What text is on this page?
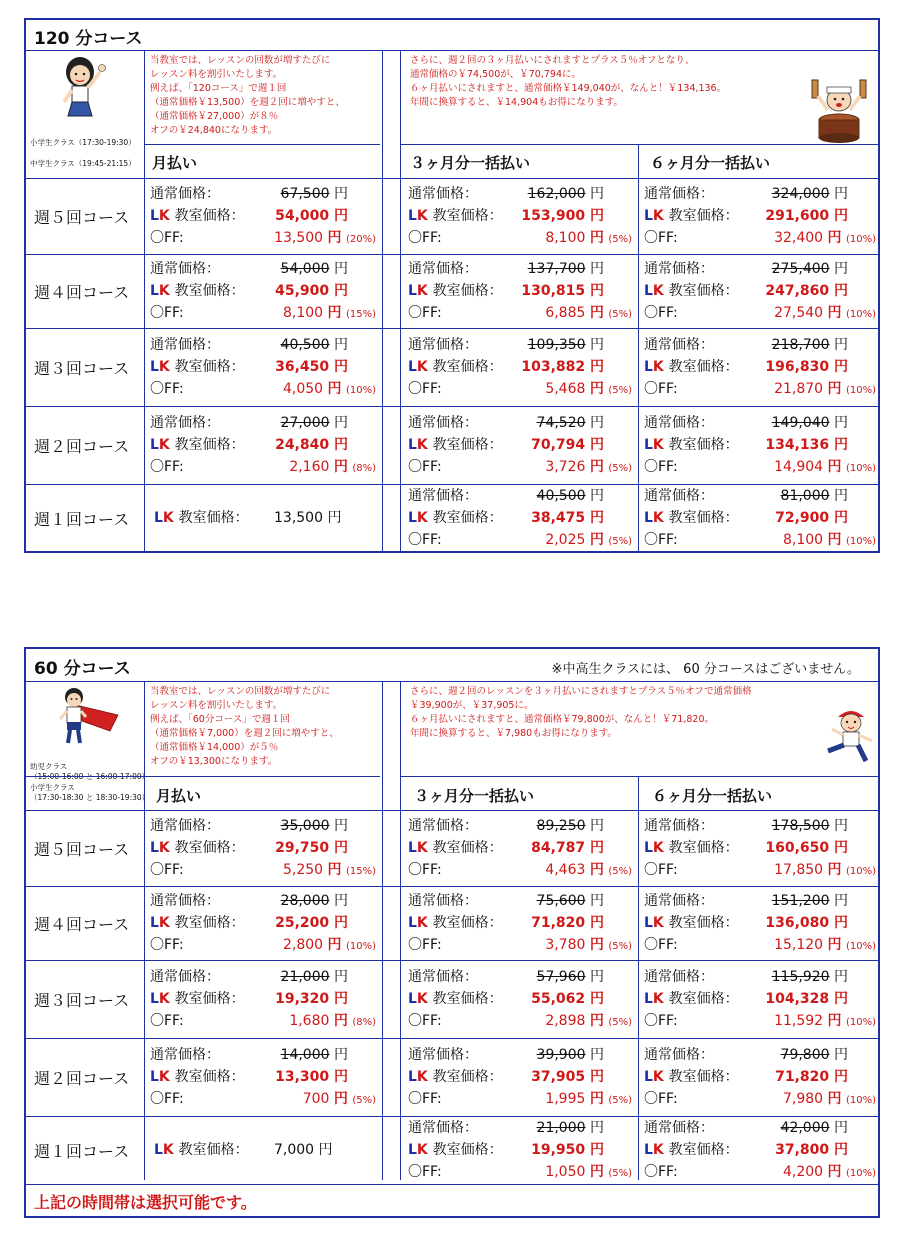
120 分コース
当教室では、レッスンの回数が増すたびに
レッスン料を割引いたします。
例えば、「120コース」で週１回
（通常価格￥13,500）を週２回に増やすと、
（通常価格￥27,000）が８％
オフの￥24,840になります。
さらに、週２回の３ヶ月払いにされますとプラス５％オフとなり、
通常価格の￥74,500が、￥70,794に。
６ヶ月払いにされますと、通常価格￥149,040が、なんと！￥134,136。
年間に換算すると、￥14,904もお得になります。
小学生クラス（17:30-19:30）
中学生クラス（19:45-21:15） 月払い	３ヶ月分一括払い	６ヶ月分一括払い
週５回コース
通常価格：	67,500 円
LK 教室価格： 54,000 円
〇FF:	13,500 円 (20%)
通常価格：	162,000 円
LK 教室価格： 153,900 円
〇FF:	8,100 円 (5%)
通常価格：	324,000 円
LK 教室価格： 291,600 円
〇FF:	32,400 円 (10%)
週４回コース
通常価格：	54,000 円
LK 教室価格： 45,900 円
〇FF:	8,100 円 (15%)
通常価格：	137,700 円
LK 教室価格： 130,815 円
〇FF:	6,885 円 (5%)
通常価格：	275,400 円
LK 教室価格： 247,860 円
〇FF:	27,540 円 (10%)
週３回コース
通常価格：	40,500 円
LK 教室価格： 36,450 円
〇FF:	4,050 円 (10%)
通常価格：	109,350 円
LK 教室価格： 103,882 円
〇FF:	5,468 円 (5%)
通常価格：	218,700 円
LK 教室価格： 196,830 円
〇FF:	21,870 円 (10%)
週２回コース
通常価格：	27,000 円
LK 教室価格： 24,840 円
〇FF:	2,160 円 (8%)
通常価格：	74,520 円
LK 教室価格： 70,794 円
〇FF:	3,726 円 (5%)
通常価格：	149,040 円
LK 教室価格： 134,136 円
〇FF:	14,904 円 (10%)
週１回コース LK 教室価格： 13,500 円
通常価格：	40,500 円
LK 教室価格： 38,475 円
〇FF:	2,025 円 (5%)
通常価格：	81,000 円
LK 教室価格：	72,900 円
〇FF:	8,100 円 (10%)
60 分コース	※中高生クラスには、 60 分コースはございません。
当教室では、レッスンの回数が増すたびに
レッスン料を割引いたします。
例えば、「60分コース」で週１回
（通常価格￥7,000）を週２回に増やすと、
（通常価格￥14,000）が５％
オフの￥13,300になります。
さらに、週２回のレッスンを３ヶ月払いにされますとプラス５％オフで通常価格
￥39,900が、￥37,905に。
６ヶ月払いにされますと、通常価格￥79,800が、なんと！￥71,820。
年間に換算すると、￥7,980もお得になります。
幼児クラス
（15:00-16:00 と 16:00-17:00）
小学生クラス
（17:30-18:30 と 18:30-19:30） 月払い	３ヶ月分一括払い	６ヶ月分一括払い
週５回コース
通常価格：	35,000 円
LK 教室価格： 29,750 円
〇FF:	5,250 円 (15%)
通常価格：	89,250 円
LK 教室価格： 84,787 円
〇FF:	4,463 円 (5%)
通常価格：	178,500 円
LK 教室価格： 160,650 円
〇FF:	17,850 円 (10%)
週４回コース
通常価格：	28,000 円
LK 教室価格： 25,200 円
〇FF:	2,800 円 (10%)
通常価格：	75,600 円
LK 教室価格： 71,820 円
〇FF:	3,780 円 (5%)
通常価格：	151,200 円
LK 教室価格： 136,080 円
〇FF:	15,120 円 (10%)
週３回コース
通常価格：	21,000 円
LK 教室価格： 19,320 円
〇FF:	1,680 円 (8%)
通常価格：	57,960 円
LK 教室価格： 55,062 円
〇FF:	2,898 円 (5%)
通常価格：	115,920 円
LK 教室価格： 104,328 円
〇FF:	11,592 円 (10%)
週２回コース
通常価格：	14,000 円
LK 教室価格： 13,300 円
〇FF:	700 円 (5%)
通常価格：	39,900 円
LK 教室価格： 37,905 円
〇FF:	1,995 円 (5%)
通常価格：	79,800 円
LK 教室価格：	71,820 円
〇FF:	7,980 円 (10%)
週１回コース LK 教室価格： 7,000 円
通常価格：	21,000 円
LK 教室価格： 19,950 円
〇FF:	1,050 円 (5%)
通常価格：	42,000 円
LK 教室価格：	37,800 円
〇FF:	4,200 円 (10%)
上記の時間帯は選択可能です。
